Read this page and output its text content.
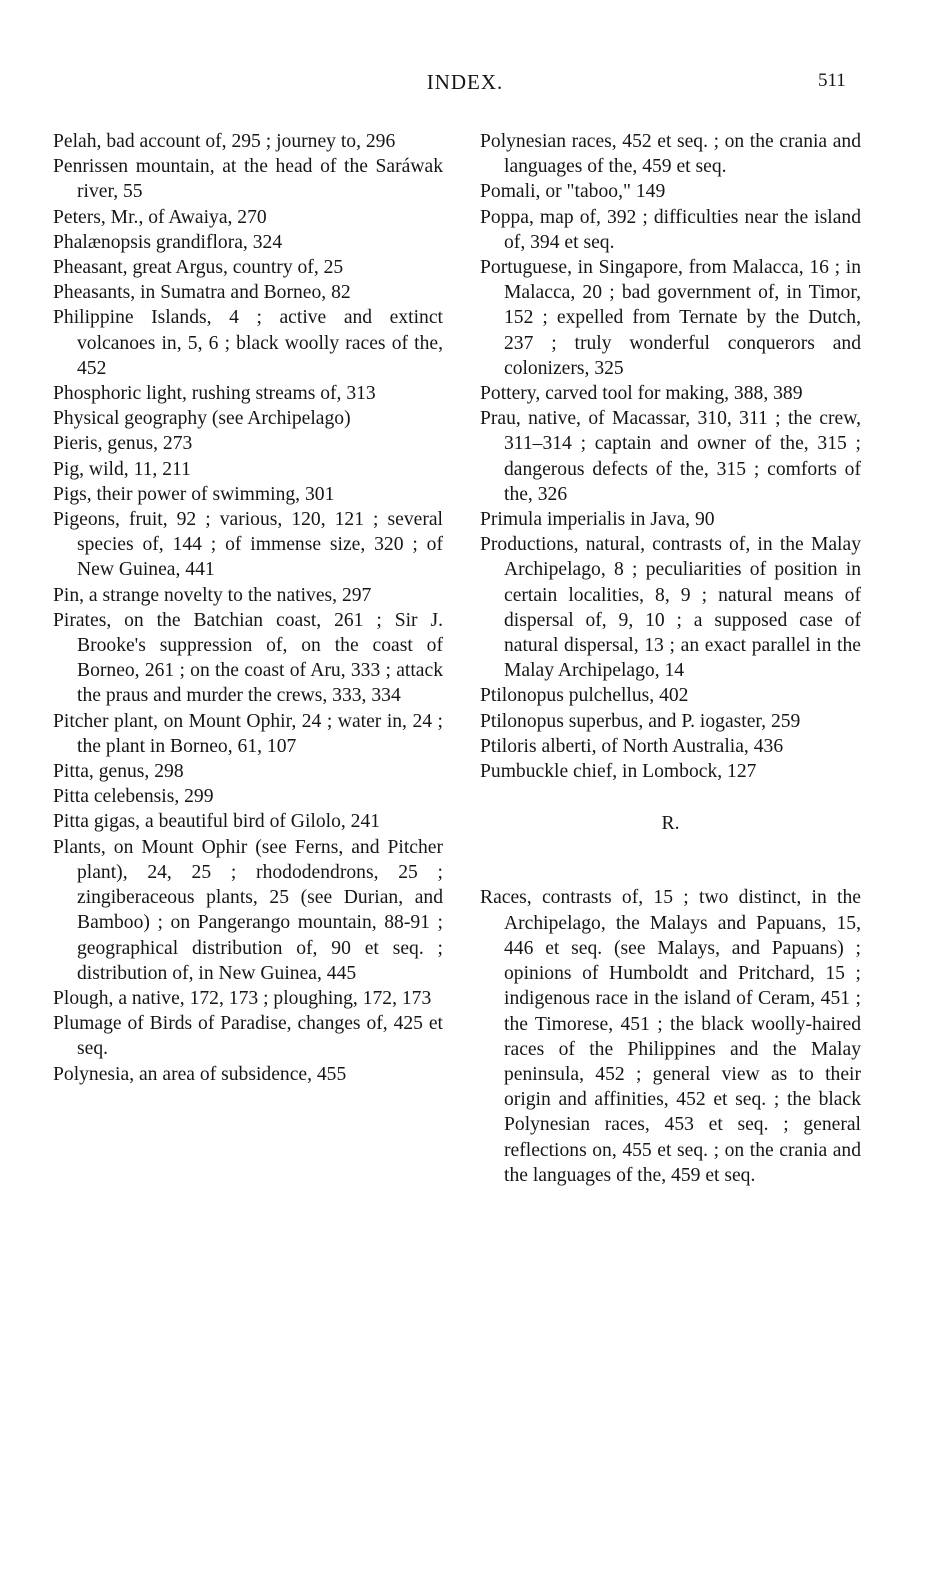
INDEX.	511

Pelah, bad account of, 295 ; journey to, 296

Penrissen mountain, at the head of the Saráwak river, 55

Peters, Mr., of Awaiya, 270

Phalænopsis grandiflora, 324

Pheasant, great Argus, country of, 25

Pheasants, in Sumatra and Borneo, 82

Philippine Islands, 4 ; active and extinct volcanoes in, 5, 6 ; black woolly races of the, 452

Phosphoric light, rushing streams of, 313

Physical geography (see Archipelago)

Pieris, genus, 273

Pig, wild, 11, 211

Pigs, their power of swimming, 301

Pigeons, fruit, 92 ; various, 120, 121 ; several species of, 144 ; of immense size, 320 ; of New Guinea, 441

Pin, a strange novelty to the natives, 297

Pirates, on the Batchian coast, 261 ; Sir J. Brooke's suppression of, on the coast of Borneo, 261 ; on the coast of Aru, 333 ; attack the praus and murder the crews, 333, 334

Pitcher plant, on Mount Ophir, 24 ; water in, 24 ; the plant in Borneo, 61, 107

Pitta, genus, 298

Pitta celebensis, 299

Pitta gigas, a beautiful bird of Gilolo, 241

Plants, on Mount Ophir (see Ferns, and Pitcher plant), 24, 25 ; rhododendrons, 25 ; zingiberaceous plants, 25 (see Durian, and Bamboo) ; on Pangerango mountain, 88-91 ; geographical distribution of, 90 et seq. ; distribution of, in New Guinea, 445

Plough, a native, 172, 173 ; ploughing, 172, 173

Plumage of Birds of Paradise, changes of, 425 et seq.

Polynesia, an area of subsidence, 455

Polynesian races, 452 et seq. ; on the crania and languages of the, 459 et seq.

Pomali, or "taboo," 149

Poppa, map of, 392 ; difficulties near the island of, 394 et seq.

Portuguese, in Singapore, from Malacca, 16 ; in Malacca, 20 ; bad government of, in Timor, 152 ; expelled from Ternate by the Dutch, 237 ; truly wonderful conquerors and colonizers, 325

Pottery, carved tool for making, 388, 389

Prau, native, of Macassar, 310, 311 ; the crew, 311–314 ; captain and owner of the, 315 ; dangerous defects of the, 315 ; comforts of the, 326

Primula imperialis in Java, 90

Productions, natural, contrasts of, in the Malay Archipelago, 8 ; peculiarities of position in certain localities, 8, 9 ; natural means of dispersal of, 9, 10 ; a supposed case of natural dispersal, 13 ; an exact parallel in the Malay Archipelago, 14

Ptilonopus pulchellus, 402

Ptilonopus superbus, and P. iogaster, 259

Ptiloris alberti, of North Australia, 436

Pumbuckle chief, in Lombock, 127

R.

Races, contrasts of, 15 ; two distinct, in the Archipelago, the Malays and Papuans, 15, 446 et seq. (see Malays, and Papuans) ; opinions of Humboldt and Pritchard, 15 ; indigenous race in the island of Ceram, 451 ; the Timorese, 451 ; the black woolly-haired races of the Philippines and the Malay peninsula, 452 ; general view as to their origin and affinities, 452 et seq. ; the black Polynesian races, 453 et seq. ; general reflections on, 455 et seq. ; on the crania and the languages of the, 459 et seq.
